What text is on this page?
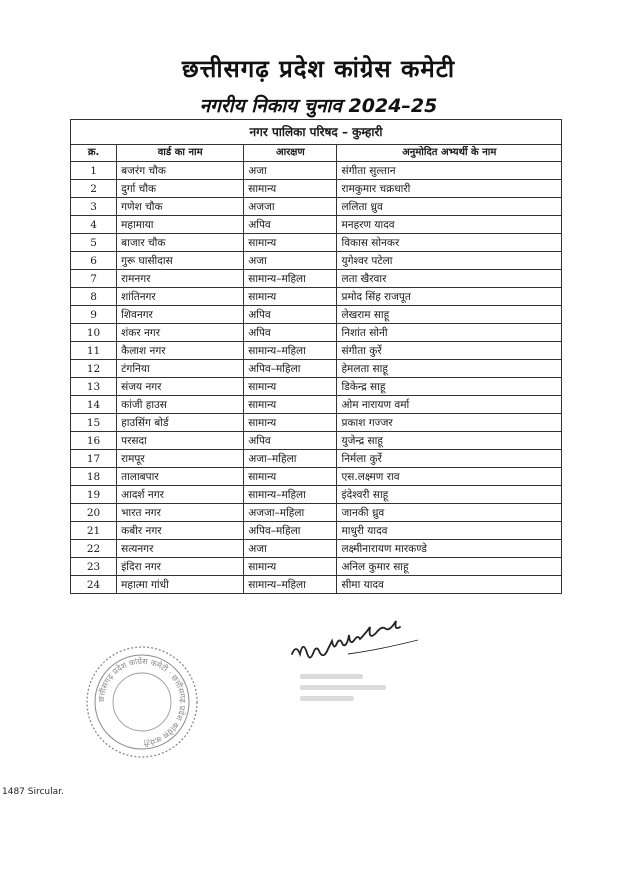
छत्तीसगढ़ प्रदेश कांग्रेस कमेटी
नगरीय निकाय चुनाव 2024–25
नगर पालिका परिषद – कुम्हारी			
क्र.	वार्ड का नाम	आरक्षण	अनुमोदित अभ्यर्थी के नाम
1	बजरंग चौक	अजा	संगीता सुल्तान
2	दुर्गा चौक	सामान्य	रामकुमार चक्रधारी
3	गणेश चौक	अजजा	ललिता ध्रुव
4	महामाया	अपिव	मनहरण यादव
5	बाजार चौक	सामान्य	विकास सोनकर
6	गुरू घासीदास	अजा	युगेश्वर पटेला
7	रामनगर	सामान्य–महिला	लता खैरवार
8	शांतिनगर	सामान्य	प्रमोद सिंह राजपूत
9	शिवनगर	अपिव	लेखराम साहू
10	शंकर नगर	अपिव	निशांत सोनी
11	कैलाश नगर	सामान्य–महिला	संगीता कुर्रे
12	टंगनिया	अपिव–महिला	हेमलता साहू
13	संजय नगर	सामान्य	डिकेन्द्र साहू
14	कांजी हाउस	सामान्य	ओम नारायण वर्मा
15	हाउसिंग बोर्ड	सामान्य	प्रकाश गज्जर
16	परसदा	अपिव	युजेन्द्र साहू
17	रामपूर	अजा–महिला	निर्मला कुर्रे
18	तालाबपार	सामान्य	एस.लक्ष्मण राव
19	आदर्श नगर	सामान्य–महिला	इंदेश्वरी साहू
20	भारत नगर	अजजा–महिला	जानकी ध्रुव
21	कबीर नगर	अपिव–महिला	माधुरी यादव
22	सत्यनगर	अजा	लक्ष्मीनारायण मारकण्डे
23	इंदिरा नगर	सामान्य	अनिल कुमार साहू
24	महात्मा गांधी	सामान्य–महिला	सीमा यादव
छत्तीसगढ़ प्रदेश कांग्रेस कमेटी · छत्तीसगढ़ प्रदेश कांग्रेस कमेटी
1487 Sircular.
